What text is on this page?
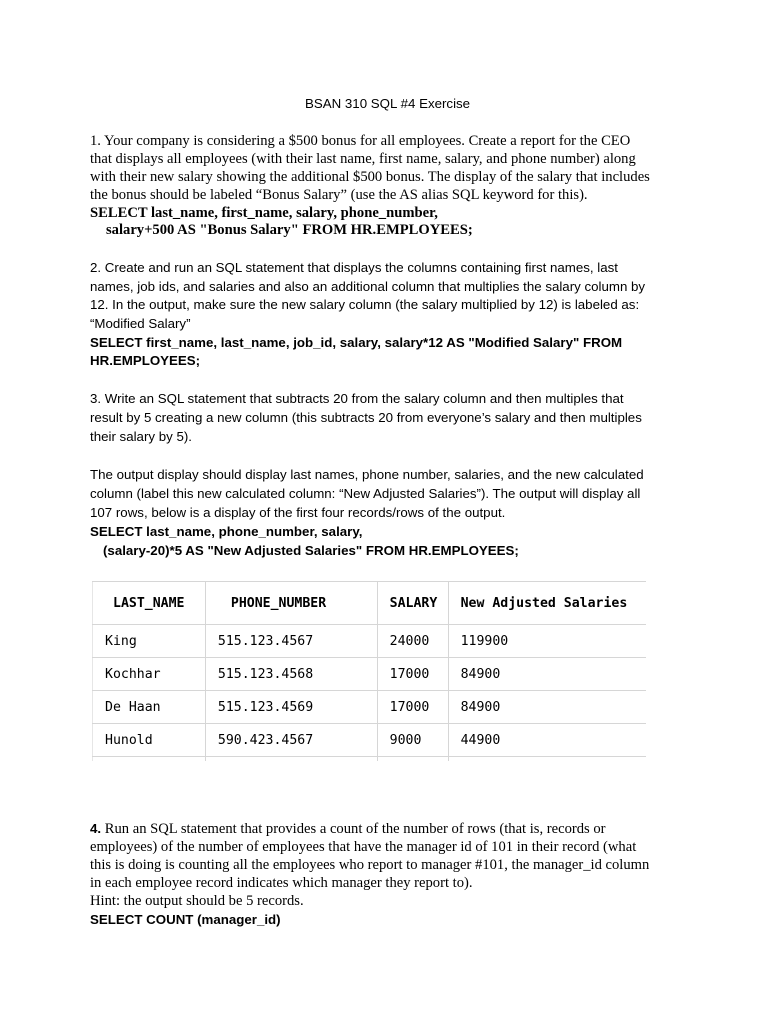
BSAN 310 SQL #4 Exercise
1. Your company is considering a $500 bonus for all employees. Create a report for the CEO
that displays all employees (with their last name, first name, salary, and phone number) along
with their new salary showing the additional $500 bonus. The display of the salary that includes
the bonus should be labeled “Bonus Salary” (use the AS alias SQL keyword for this).
SELECT last_name, first_name, salary, phone_number,
salary+500 AS "Bonus Salary" FROM HR.EMPLOYEES;
2. Create and run an SQL statement that displays the columns containing first names, last
names, job ids, and salaries and also an additional column that multiplies the salary column by
12. In the output, make sure the new salary column (the salary multiplied by 12) is labeled as:
“Modified Salary”
SELECT first_name, last_name, job_id, salary, salary*12 AS "Modified Salary" FROM
HR.EMPLOYEES;
3. Write an SQL statement that subtracts 20 from the salary column and then multiples that
result by 5 creating a new column (this subtracts 20 from everyone’s salary and then multiples
their salary by 5).
The output display should display last names, phone number, salaries, and the new calculated
column (label this new calculated column: “New Adjusted Salaries”). The output will display all
107 rows, below is a display of the first four records/rows of the output.
SELECT last_name, phone_number, salary,
(salary-20)*5 AS "New Adjusted Salaries" FROM HR.EMPLOYEES;
LAST_NAME	PHONE_NUMBER	SALARY	New Adjusted Salaries
King	515.123.4567	24000	119900
Kochhar	515.123.4568	17000	84900
De Haan	515.123.4569	17000	84900
Hunold	590.423.4567	9000	44900

4. Run an SQL statement that provides a count of the number of rows (that is, records or
employees) of the number of employees that have the manager id of 101 in their record (what
this is doing is counting all the employees who report to manager #101, the manager_id column
in each employee record indicates which manager they report to).
Hint: the output should be 5 records.
SELECT COUNT (manager_id)
